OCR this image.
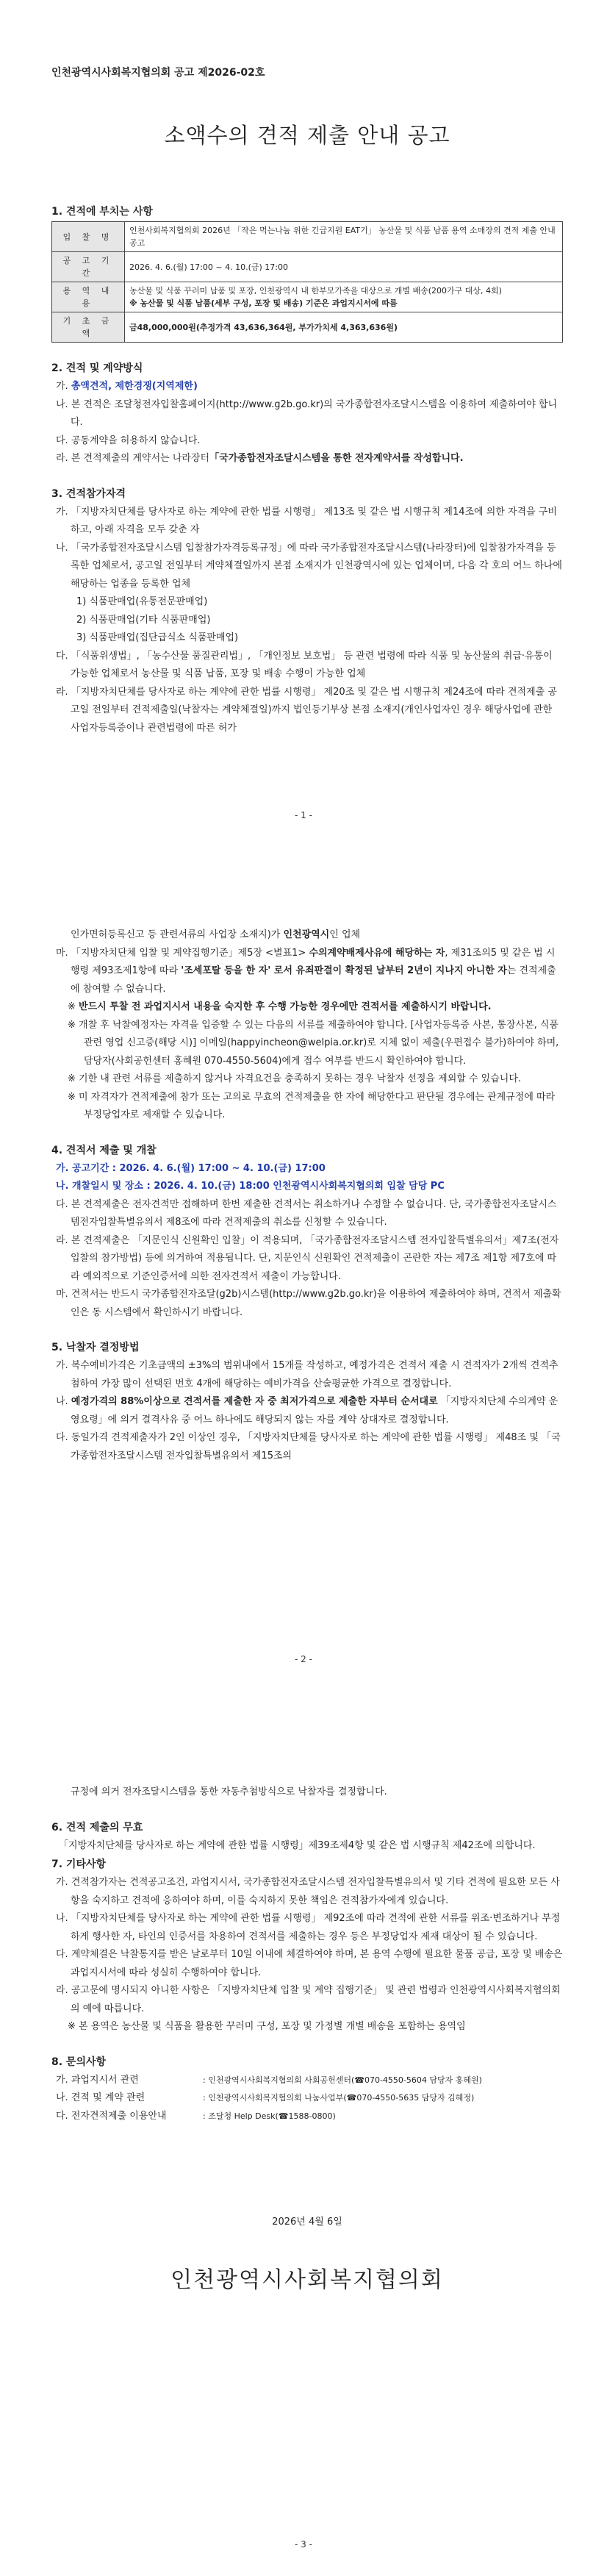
인천광역시사회복지협의회 공고 제2026-02호
소액수의 견적 제출 안내 공고
1. 견적에 부치는 사항
입 찰 명	인천사회복지협의회 2026년 「작은 먹는나눔 위한 긴급지원 EAT기」 농산물 및 식품 남품 용역 소매장의 견적 제출 안내 공고
공 고 기 간	2026. 4. 6.(월) 17:00 ~ 4. 10.(금) 17:00
용 역 내 용	농산물 및 식품 꾸러미 납품 및 포장, 인천광역시 내 한부모가족을 대상으로 개별 배송(200가구 대상, 4회)
※ 농산물 및 식품 납품(세부 구성, 포장 및 배송) 기준은 과업지시서에 따름

기 초 금 액	금48,000,000원(추정가격 43,636,364원, 부가가치세 4,363,636원)
2. 견적 및 계약방식

가. 총액견적, 제한경쟁(지역제한)

나. 본 견적은 조달청전자입찰홈페이지(http://www.g2b.go.kr)의 국가종합전자조달시스템을 이용하여 제출하여야 합니다.

다. 공동계약을 허용하지 않습니다.

라. 본 견적제출의 계약서는 나라장터「국가종합전자조달시스템을 통한 전자계약서를 작성합니다.

3. 견적참가자격

가. 「지방자치단체를 당사자로 하는 계약에 관한 법률 시행령」 제13조 및 같은 법 시행규칙 제14조에 의한 자격을 구비하고, 아래 자격을 모두 갖춘 자

나. 「국가종합전자조달시스템 입찰참가자격등록규정」에 따라 국가종합전자조달시스템(나라장터)에 입찰참가자격을 등록한 업체로서, 공고일 전일부터 계약체결일까지 본점 소재지가 인천광역시에 있는 업체이며, 다음 각 호의 어느 하나에 해당하는 업종을 등록한 업체

1) 식품판매업(유통전문판매업)

2) 식품판매업(기타 식품판매업)

3) 식품판매업(집단급식소 식품판매업)

다. 「식품위생법」, 「농수산물 품질관리법」, 「개인정보 보호법」 등 관련 법령에 따라 식품 및 농산물의 취급·유통이 가능한 업체로서 농산물 및 식품 납품, 포장 및 배송 수행이 가능한 업체

라. 「지방자치단체를 당사자로 하는 계약에 관한 법률 시행령」 제20조 및 같은 법 시행규칙 제24조에 따라 견적제출 공고일 전일부터 견적제출일(낙찰자는 계약체결일)까지 법인등기부상 본점 소재지(개인사업자인 경우 해당사업에 관한 사업자등록증이나 관련법령에 따른 허가

- 1 -

인가면허등록신고 등 관련서류의 사업장 소재지)가 인천광역시인 업체

마. 「지방자치단체 입찰 및 계약집행기준」제5장 <별표1> 수의계약배제사유에 해당하는 자, 제31조의5 및 같은 법 시행령 제93조제1항에 따라 '조세포탈 등을 한 자' 로서 유죄판결이 확정된 날부터 2년이 지나지 아니한 자는 견적제출에 참여할 수 없습니다.

※ 반드시 투찰 전 과업지시서 내용을 숙지한 후 수행 가능한 경우에만 견적서를 제출하시기 바랍니다.

※ 개찰 후 낙찰예정자는 자격을 입증할 수 있는 다음의 서류를 제출하여야 합니다. [사업자등록증 사본, 통장사본, 식품 관련 영업 신고증(해당 시)] 이메일(happyincheon@welpia.or.kr)로 지체 없이 제출(우편접수 불가)하여야 하며, 담당자(사회공헌센터 홍혜원 070-4550-5604)에게 접수 여부를 반드시 확인하여야 합니다.

※ 기한 내 관련 서류를 제출하지 않거나 자격요건을 충족하지 못하는 경우 낙찰자 선정을 제외할 수 있습니다.

※ 미 자격자가 견적제출에 참가 또는 고의로 무효의 견적제출을 한 자에 해당한다고 판단될 경우에는 관계규정에 따라 부정당업자로 제재할 수 있습니다.

4. 견적서 제출 및 개찰

가. 공고기간 : 2026. 4. 6.(월) 17:00 ~ 4. 10.(금) 17:00

나. 개찰일시 및 장소 : 2026. 4. 10.(금) 18:00 인천광역시사회복지협의회 입찰 담당 PC

다. 본 견적제출은 전자견적만 접해하며 한번 제출한 견적서는 취소하거나 수정할 수 없습니다. 단, 국가종합전자조달시스템전자입찰특별유의서 제8조에 따라 견적제출의 취소를 신청할 수 있습니다.

라. 본 견적제출은 「지문인식 신원확인 입찰」이 적용되며, 「국가종합전자조달시스템 전자입찰특별유의서」제7조(전자입찰의 참가방법) 등에 의거하여 적용됩니다. 단, 지문인식 신원확인 견적제출이 곤란한 자는 제7조 제1항 제7호에 따라 예외적으로 기준인증서에 의한 전자견적서 제출이 가능합니다.

마. 견적서는 반드시 국가종합전자조달(g2b)시스템(http://www.g2b.go.kr)을 이용하여 제출하여야 하며, 견적서 제출확인은 동 시스템에서 확인하시기 바랍니다.

5. 낙찰자 결정방법

가. 복수예비가격은 기초금액의 ±3%의 범위내에서 15개를 작성하고, 예정가격은 견적서 제출 시 견적자가 2개씩 견적추첨하여 가장 많이 선택된 번호 4개에 해당하는 예비가격을 산술평균한 가격으로 결정합니다.

나. 예정가격의 88%이상으로 견적서를 제출한 자 중 최저가격으로 제출한 자부터 순서대로 「지방자치단체 수의계약 운영요령」에 의거 결격사유 중 어느 하나에도 해당되지 않는 자를 계약 상대자로 결정합니다.

다. 동일가격 견적제출자가 2인 이상인 경우, 「지방자치단체를 당사자로 하는 계약에 관한 법률 시행령」 제48조 및 「국가종합전자조달시스템 전자입찰특별유의서 제15조의

- 2 -

규정에 의거 전자조달시스템을 통한 자동추첨방식으로 낙찰자를 결정합니다.

6. 견적 제출의 무효

「지방자치단체를 당사자로 하는 계약에 관한 법률 시행령」제39조제4항 및 같은 법 시행규칙 제42조에 의합니다.

7. 기타사항

가. 견적참가자는 견적공고조건, 과업지시서, 국가종합전자조달시스템 전자입찰특별유의서 및 기타 견적에 필요한 모든 사항을 숙지하고 견적에 응하여야 하며, 이를 숙지하지 못한 책임은 견적참가자에게 있습니다.

나. 「지방자치단체를 당사자로 하는 계약에 관한 법률 시행령」 제92조에 따라 견적에 관한 서류를 위조·변조하거나 부정하게 행사한 자, 타인의 인증서를 차용하여 견적서를 제출하는 경우 등은 부정당업자 제재 대상이 될 수 있습니다.

다. 계약체결은 낙찰통지를 받은 날로부터 10일 이내에 체결하여야 하며, 본 용역 수행에 필요한 물품 공급, 포장 및 배송은 과업지시서에 따라 성실히 수행하여야 합니다.

라. 공고문에 명시되지 아니한 사항은 「지방자치단체 입찰 및 계약 집행기준」 및 관련 법령과 인천광역시사회복지협의회의 예에 따릅니다.

※ 본 용역은 농산물 및 식품을 활용한 꾸러미 구성, 포장 및 가정별 개별 배송을 포함하는 용역임

8. 문의사항
가. 과업지시서 관련	: 인천광역시사회복지협의회 사회공헌센터(☎070-4550-5604 담당자 홍혜원)
나. 견적 및 계약 관련	: 인천광역시사회복지협의회 나눔사업부(☎070-4550-5635 담당자 김혜정)
다. 전자견적제출 이용안내	: 조달청 Help Desk(☎1588-0800)
2026년 4월 6일
인천광역시사회복지협의회
- 3 -
